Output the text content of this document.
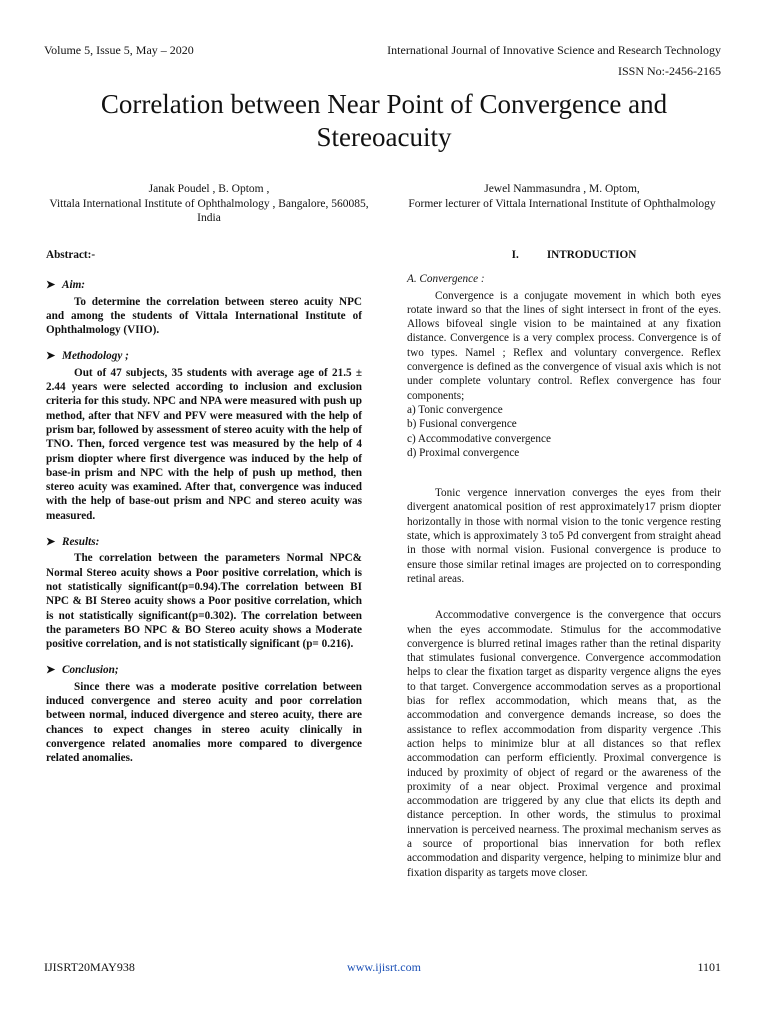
Volume 5, Issue 5, May – 2020	International Journal of Innovative Science and Research Technology
ISSN No:-2456-2165
Correlation between Near Point of Convergence and Stereoacuity
Janak Poudel , B. Optom ,
Vittala International Institute of Ophthalmology , Bangalore, 560085, India
Jewel Nammasundra , M. Optom,
Former lecturer of Vittala International Institute of Ophthalmology
Abstract:-
➤ Aim:
To determine the correlation between stereo acuity NPC and among the students of Vittala International Institute of Ophthalmology (VIIO).
➤ Methodology ;
Out of 47 subjects, 35 students with average age of 21.5 ± 2.44 years were selected according to inclusion and exclusion criteria for this study. NPC and NPA were measured with push up method, after that NFV and PFV were measured with the help of prism bar, followed by assessment of stereo acuity with the help of TNO. Then, forced vergence test was measured by the help of 4 prism diopter where first divergence was induced by the help of base-in prism and NPC with the help of push up method, then stereo acuity was examined. After that, convergence was induced with the help of base-out prism and NPC and stereo acuity was measured.
➤ Results:
The correlation between the parameters Normal NPC& Normal Stereo acuity shows a Poor positive correlation, which is not statistically significant(p=0.94).The correlation between BI NPC & BI Stereo acuity shows a Poor positive correlation, which is not statistically significant(p=0.302). The correlation between the parameters BO NPC & BO Stereo acuity shows a Moderate positive correlation, and is not statistically significant (p= 0.216).
➤ Conclusion;
Since there was a moderate positive correlation between induced convergence and stereo acuity and poor correlation between normal, induced divergence and stereo acuity, there are chances to expect changes in stereo acuity clinically in convergence related anomalies more compared to divergence related anomalies.
I.	INTRODUCTION
A. Convergence :
Convergence is a conjugate movement in which both eyes rotate inward so that the lines of sight intersect in front of the eyes. Allows bifoveal single vision to be maintained at any fixation distance. Convergence is a very complex process. Convergence is of two types. Namel ; Reflex and voluntary convergence. Reflex convergence is defined as the convergence of visual axis which is not under complete voluntary control. Reflex convergence has four components;
a) Tonic convergence
b) Fusional convergence
c) Accommodative convergence
d) Proximal convergence
Tonic vergence innervation converges the eyes from their divergent anatomical position of rest approximately17 prism diopter horizontally in those with normal vision to the tonic vergence resting state, which is approximately 3 to5 Pd convergent from straight ahead in those with normal vision. Fusional convergence is produce to ensure those similar retinal images are projected on to corresponding retinal areas.
Accommodative convergence is the convergence that occurs when the eyes accommodate. Stimulus for the accommodative convergence is blurred retinal images rather than the retinal disparity that stimulates fusional convergence. Convergence accommodation helps to clear the fixation target as disparity vergence aligns the eyes to that target. Convergence accommodation serves as a proportional bias for reflex accommodation, which means that, as the accommodation and convergence demands increase, so does the assistance to reflex accommodation from disparity vergence .This action helps to minimize blur at all distances so that reflex accommodation can perform efficiently. Proximal convergence is induced by proximity of object of regard or the awareness of the proximity of a near object. Proximal vergence and proximal accommodation are triggered by any clue that elicts its depth and distance perception. In other words, the stimulus to proximal innervation is perceived nearness. The proximal mechanism serves as a source of proportional bias innervation for both reflex accommodation and disparity vergence, helping to minimize blur and fixation disparity as targets move closer.
IJISRT20MAY938	www.ijisrt.com	1101
